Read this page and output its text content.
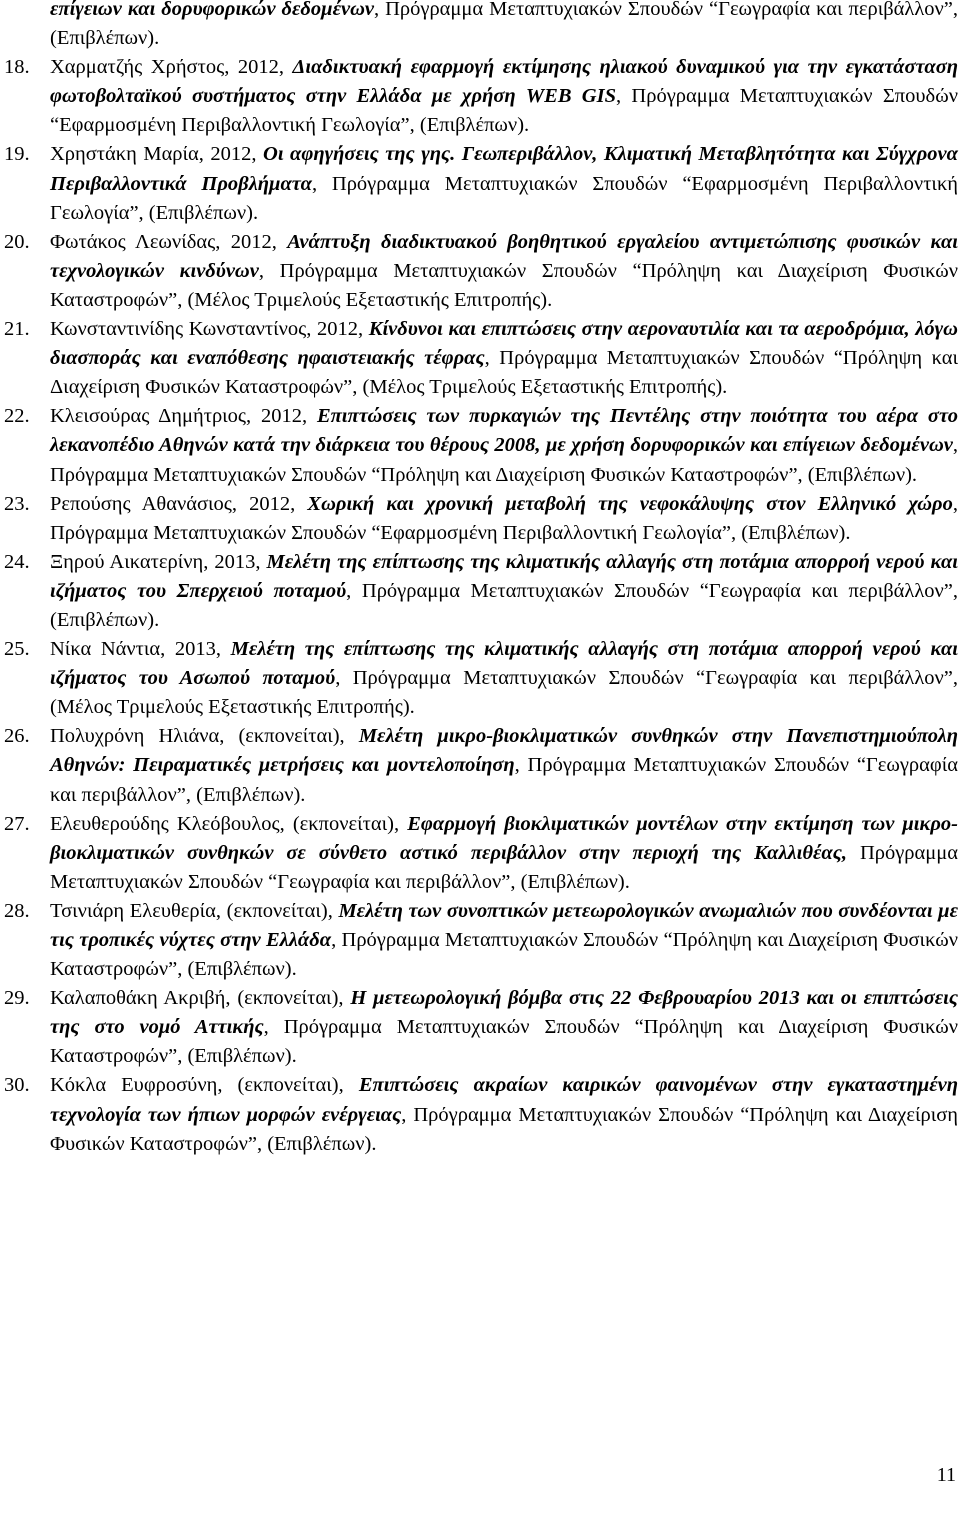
επίγειων και δορυφορικών δεδομένων, Πρόγραμμα Μεταπτυχιακών Σπουδών “Γεωγραφία και περιβάλλον”, (Επιβλέπων).
18. Χαρματζής Χρήστος, 2012, Διαδικτυακή εφαρμογή εκτίμησης ηλιακού δυναμικού για την εγκατάσταση φωτοβολταϊκού συστήματος στην Ελλάδα με χρήση WEB GIS, Πρόγραμμα Μεταπτυχιακών Σπουδών “Εφαρμοσμένη Περιβαλλοντική Γεωλογία”, (Επιβλέπων).
19. Χρηστάκη Μαρία, 2012, Οι αφηγήσεις της γης. Γεωπεριβάλλον, Κλιματική Μεταβλητότητα και Σύγχρονα Περιβαλλοντικά Προβλήματα, Πρόγραμμα Μεταπτυχιακών Σπουδών “Εφαρμοσμένη Περιβαλλοντική Γεωλογία”, (Επιβλέπων).
20. Φωτάκος Λεωνίδας, 2012, Ανάπτυξη διαδικτυακού βοηθητικού εργαλείου αντιμετώπισης φυσικών και τεχνολογικών κινδύνων, Πρόγραμμα Μεταπτυχιακών Σπουδών “Πρόληψη και Διαχείριση Φυσικών Καταστροφών”, (Μέλος Τριμελούς Εξεταστικής Επιτροπής).
21. Κωνσταντινίδης Κωνσταντίνος, 2012, Κίνδυνοι και επιπτώσεις στην αεροναυτιλία και τα αεροδρόμια, λόγω διασποράς και εναπόθεσης ηφαιστειακής τέφρας, Πρόγραμμα Μεταπτυχιακών Σπουδών “Πρόληψη και Διαχείριση Φυσικών Καταστροφών”, (Μέλος Τριμελούς Εξεταστικής Επιτροπής).
22. Κλεισούρας Δημήτριος, 2012, Επιπτώσεις των πυρκαγιών της Πεντέλης στην ποιότητα του αέρα στο λεκανοπέδιο Αθηνών κατά την διάρκεια του θέρους 2008, με χρήση δορυφορικών και επίγειων δεδομένων, Πρόγραμμα Μεταπτυχιακών Σπουδών “Πρόληψη και Διαχείριση Φυσικών Καταστροφών”, (Επιβλέπων).
23. Ρεπούσης Αθανάσιος, 2012, Χωρική και χρονική μεταβολή της νεφοκάλυψης στον Ελληνικό χώρο, Πρόγραμμα Μεταπτυχιακών Σπουδών “Εφαρμοσμένη Περιβαλλοντική Γεωλογία”, (Επιβλέπων).
24. Ξηρού Αικατερίνη, 2013, Μελέτη της επίπτωσης της κλιματικής αλλαγής στη ποτάμια απορροή νερού και ιζήματος του Σπερχειού ποταμού, Πρόγραμμα Μεταπτυχιακών Σπουδών “Γεωγραφία και περιβάλλον”, (Επιβλέπων).
25. Νίκα Νάντια, 2013, Μελέτη της επίπτωσης της κλιματικής αλλαγής στη ποτάμια απορροή νερού και ιζήματος του Ασωπού ποταμού, Πρόγραμμα Μεταπτυχιακών Σπουδών “Γεωγραφία και περιβάλλον”, (Μέλος Τριμελούς Εξεταστικής Επιτροπής).
26. Πολυχρόνη Ηλιάνα, (εκπονείται), Μελέτη μικρο-βιοκλιματικών συνθηκών στην Πανεπιστημιούπολη Αθηνών: Πειραματικές μετρήσεις και μοντελοποίηση, Πρόγραμμα Μεταπτυχιακών Σπουδών “Γεωγραφία και περιβάλλον”, (Επιβλέπων).
27. Ελευθερούδης Κλεόβουλος, (εκπονείται), Εφαρμογή βιοκλιματικών μοντέλων στην εκτίμηση των μικρο-βιοκλιματικών συνθηκών σε σύνθετο αστικό περιβάλλον στην περιοχή της Καλλιθέας, Πρόγραμμα Μεταπτυχιακών Σπουδών “Γεωγραφία και περιβάλλον”, (Επιβλέπων).
28. Τσινιάρη Ελευθερία, (εκπονείται), Μελέτη των συνοπτικών μετεωρολογικών ανωμαλιών που συνδέονται με τις τροπικές νύχτες στην Ελλάδα, Πρόγραμμα Μεταπτυχιακών Σπουδών “Πρόληψη και Διαχείριση Φυσικών Καταστροφών”, (Επιβλέπων).
29. Καλαποθάκη Ακριβή, (εκπονείται), Η μετεωρολογική βόμβα στις 22 Φεβρουαρίου 2013 και οι επιπτώσεις της στο νομό Αττικής, Πρόγραμμα Μεταπτυχιακών Σπουδών “Πρόληψη και Διαχείριση Φυσικών Καταστροφών”, (Επιβλέπων).
30. Κόκλα Ευφροσύνη, (εκπονείται), Επιπτώσεις ακραίων καιρικών φαινομένων στην εγκαταστημένη τεχνολογία των ήπιων μορφών ενέργειας, Πρόγραμμα Μεταπτυχιακών Σπουδών “Πρόληψη και Διαχείριση Φυσικών Καταστροφών”, (Επιβλέπων).
11
